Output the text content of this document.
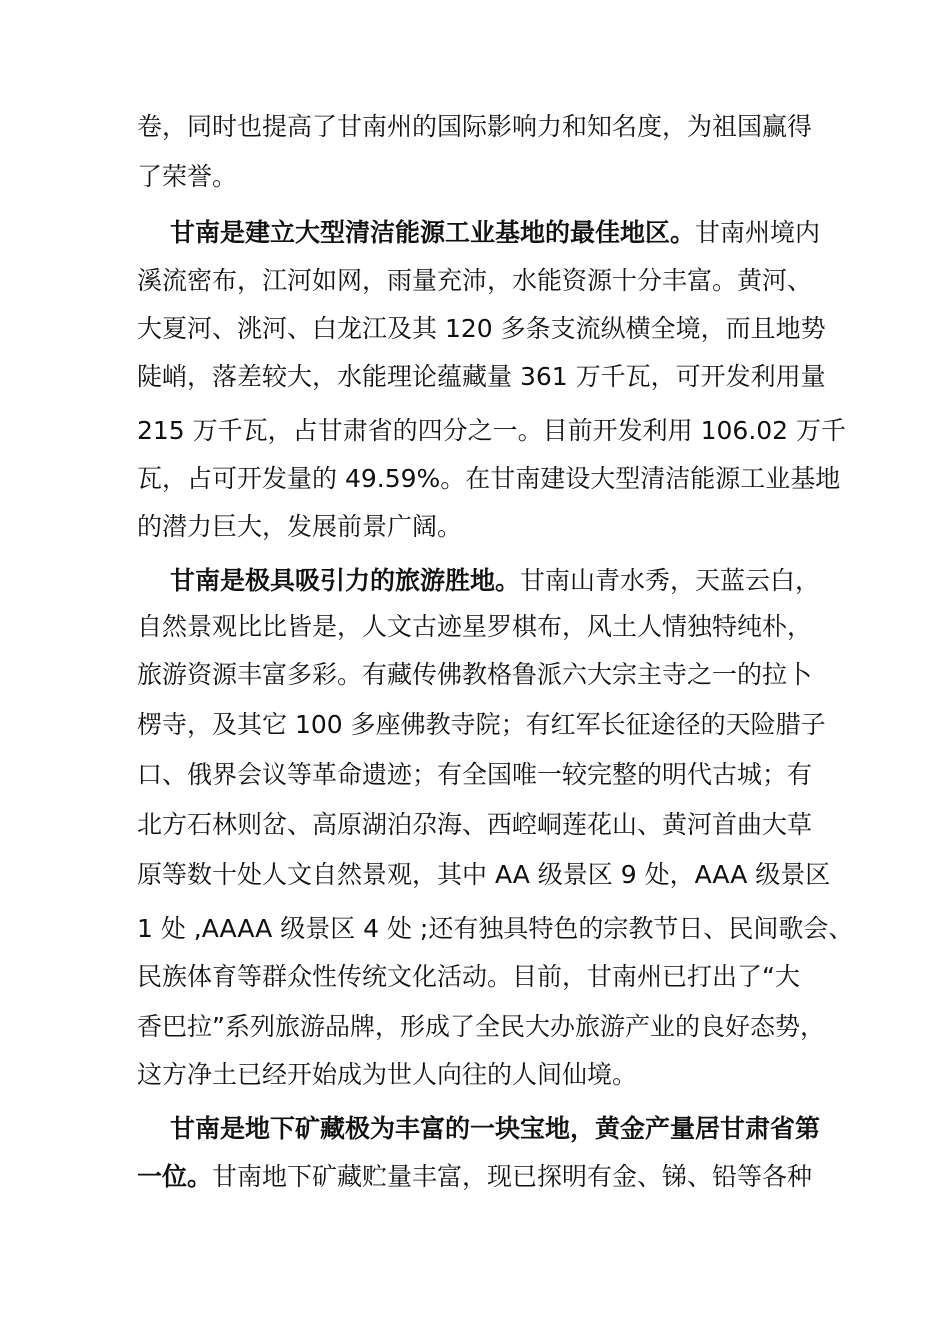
卷，同时也提高了甘南州的国际影响力和知名度，为祖国赢得
了荣誉。
甘南是建立大型清洁能源工业基地的最佳地区。甘南州境内
溪流密布，江河如网，雨量充沛，水能资源十分丰富。黄河、
大夏河、洮河、白龙江及其 120 多条支流纵横全境，而且地势
陡峭，落差较大，水能理论蕴藏量 361 万千瓦，可开发利用量
215 万千瓦，占甘肃省的四分之一。目前开发利用 106.02 万千
瓦，占可开发量的 49.59%。在甘南建设大型清洁能源工业基地
的潜力巨大，发展前景广阔。
甘南是极具吸引力的旅游胜地。甘南山青水秀，天蓝云白，
自然景观比比皆是，人文古迹星罗棋布，风土人情独特纯朴，
旅游资源丰富多彩。有藏传佛教格鲁派六大宗主寺之一的拉卜
楞寺，及其它 100 多座佛教寺院；有红军长征途径的天险腊子
口、俄界会议等革命遗迹；有全国唯一较完整的明代古城；有
北方石林则岔、高原湖泊尕海、西崆峒莲花山、黄河首曲大草
原等数十处人文自然景观，其中 AA 级景区 9 处，AAA 级景区
1 处 ,AAAA 级景区 4 处 ;还有独具特色的宗教节日、民间歌会、
民族体育等群众性传统文化活动。目前，甘南州已打出了“大
香巴拉”系列旅游品牌，形成了全民大办旅游产业的良好态势，
这方净土已经开始成为世人向往的人间仙境。
甘南是地下矿藏极为丰富的一块宝地，黄金产量居甘肃省第
一位。甘南地下矿藏贮量丰富，现已探明有金、锑、铅等各种
